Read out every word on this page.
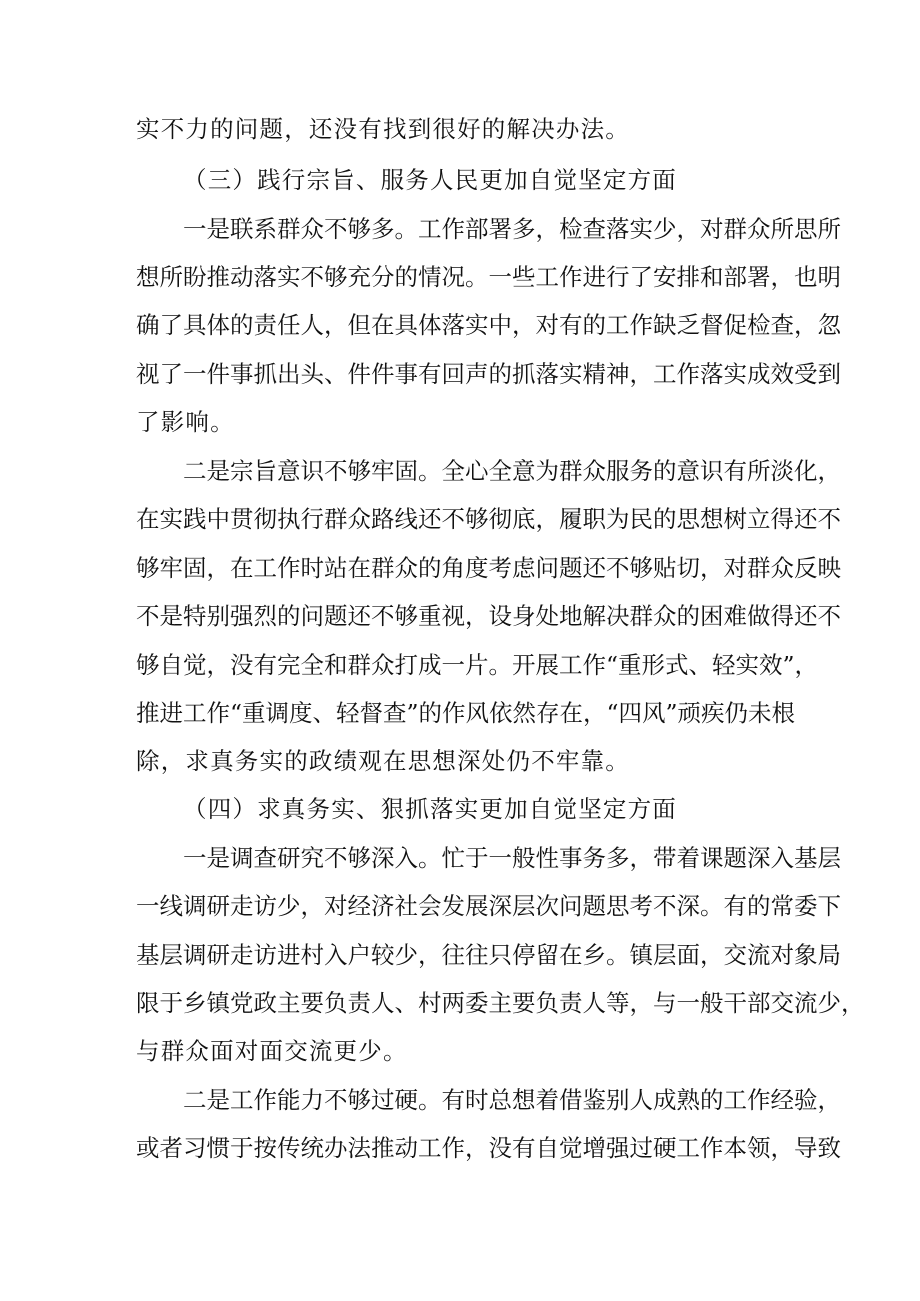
实不力的问题，还没有找到很好的解决办法。
（三）践行宗旨、服务人民更加自觉坚定方面
一是联系群众不够多。工作部署多，检查落实少，对群众所思所
想所盼推动落实不够充分的情况。一些工作进行了安排和部署，也明
确了具体的责任人，但在具体落实中，对有的工作缺乏督促检查，忽
视了一件事抓出头、件件事有回声的抓落实精神，工作落实成效受到
了影响。
二是宗旨意识不够牢固。全心全意为群众服务的意识有所淡化，
在实践中贯彻执行群众路线还不够彻底，履职为民的思想树立得还不
够牢固，在工作时站在群众的角度考虑问题还不够贴切，对群众反映
不是特别强烈的问题还不够重视，设身处地解决群众的困难做得还不
够自觉，没有完全和群众打成一片。开展工作“重形式、轻实效”，
推进工作“重调度、轻督查”的作风依然存在，“四风”顽疾仍未根
除，求真务实的政绩观在思想深处仍不牢靠。
（四）求真务实、狠抓落实更加自觉坚定方面
一是调查研究不够深入。忙于一般性事务多，带着课题深入基层
一线调研走访少，对经济社会发展深层次问题思考不深。有的常委下
基层调研走访进村入户较少，往往只停留在乡。镇层面，交流对象局
限于乡镇党政主要负责人、村两委主要负责人等，与一般干部交流少，
与群众面对面交流更少。
二是工作能力不够过硬。有时总想着借鉴别人成熟的工作经验，
或者习惯于按传统办法推动工作，没有自觉增强过硬工作本领，导致
